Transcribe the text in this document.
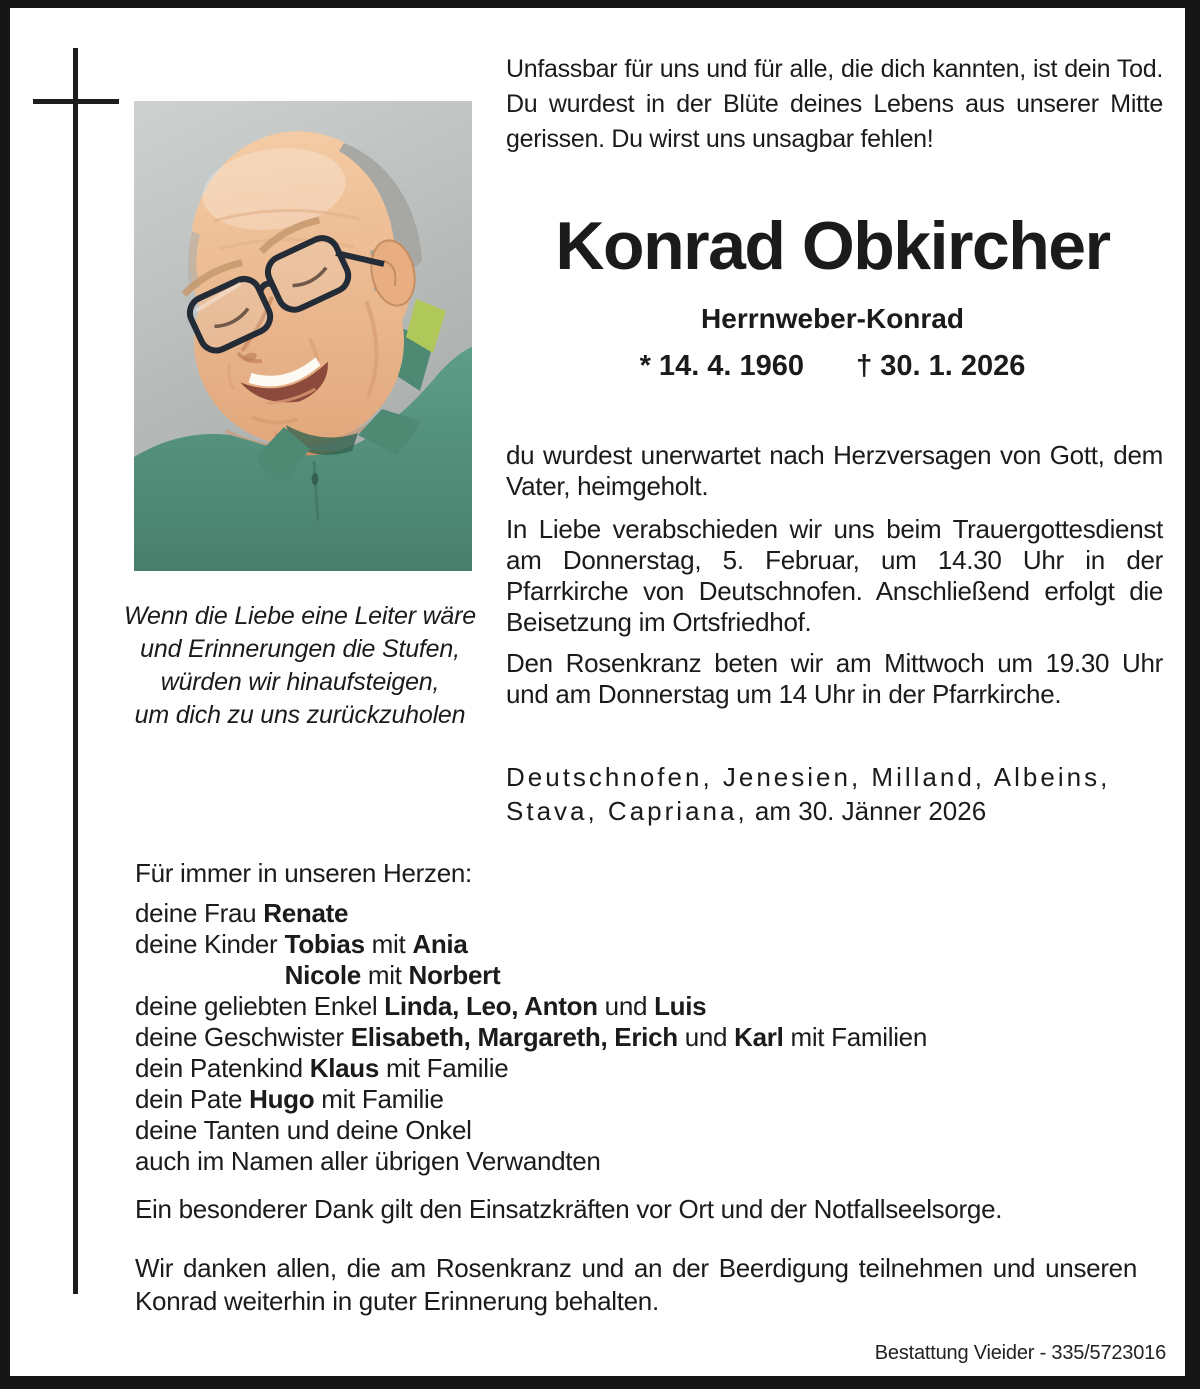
Unfassbar für uns und für alle, die dich kannten, ist dein Tod. Du wurdest in der Blüte deines Lebens aus unserer Mitte gerissen. Du wirst uns unsagbar fehlen!
Konrad Obkircher
Herrnweber-Konrad
* 14. 4. 1960 † 30. 1. 2026
du wurdest unerwartet nach Herzversagen von Gott, dem Vater, heimgeholt.
In Liebe verabschieden wir uns beim Trauergottesdienst am Donnerstag, 5. Februar, um 14.30 Uhr in der Pfarrkirche von Deutschnofen. Anschließend erfolgt die Beisetzung im Ortsfriedhof.
Den Rosenkranz beten wir am Mittwoch um 19.30 Uhr und am Donnerstag um 14 Uhr in der Pfarrkirche.
Deutschnofen, Jenesien, Milland, Albeins, Stava, Capriana, am 30. Jänner 2026
Wenn die Liebe eine Leiter wäre
und Erinnerungen die Stufen,
würden wir hinaufsteigen,
um dich zu uns zurückzuholen
Für immer in unseren Herzen:
deine Frau Renate
deine Kinder Tobias mit Ania
Nicole mit Norbert
deine geliebten Enkel Linda, Leo, Anton und Luis
deine Geschwister Elisabeth, Margareth, Erich und Karl mit Familien
dein Patenkind Klaus mit Familie
dein Pate Hugo mit Familie
deine Tanten und deine Onkel
auch im Namen aller übrigen Verwandten
Ein besonderer Dank gilt den Einsatzkräften vor Ort und der Notfallseelsorge.
Wir danken allen, die am Rosenkranz und an der Beerdigung teilnehmen und unseren Konrad weiterhin in guter Erinnerung behalten.
Bestattung Vieider - 335/5723016
